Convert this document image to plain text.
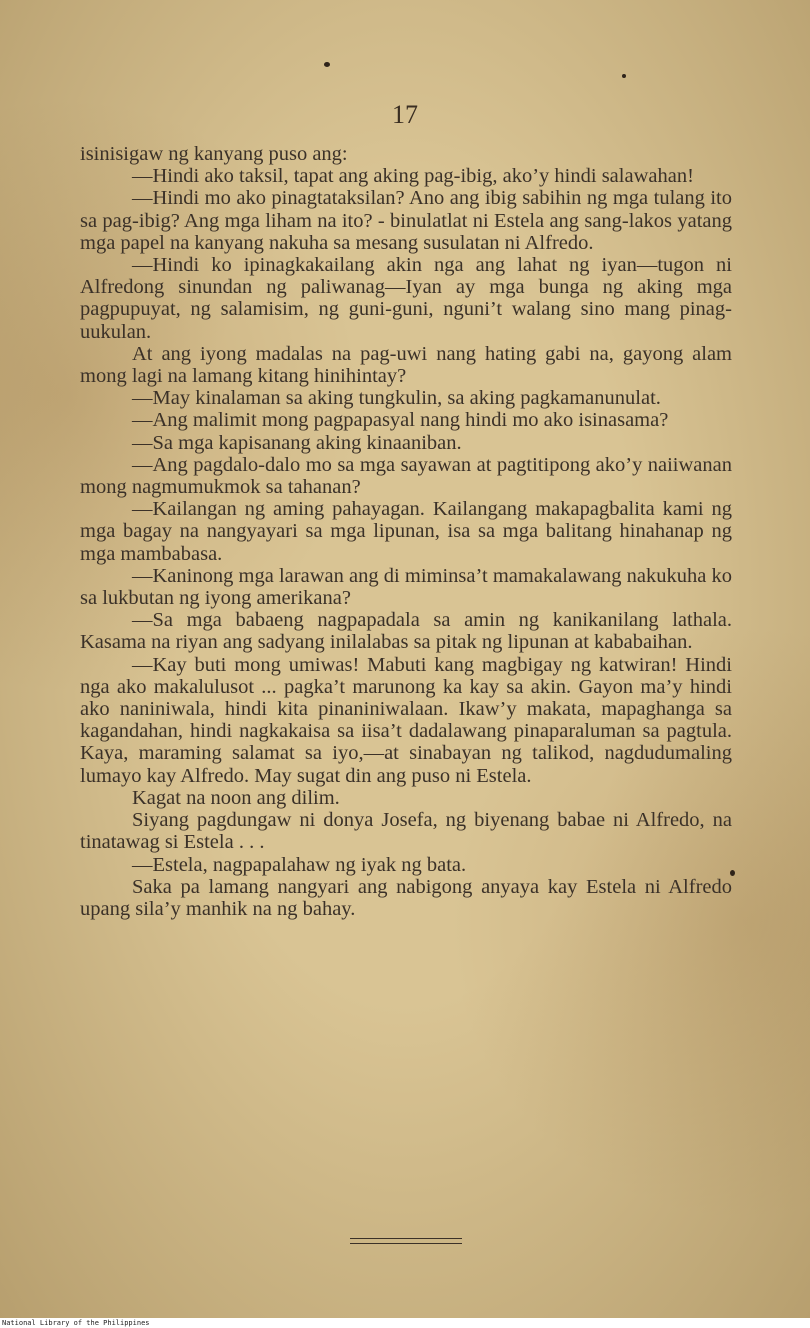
17

isinisigaw ng kanyang puso ang:

—Hindi ako taksil, tapat ang aking pag-ibig, ako’y hindi salawahan!

—Hindi mo ako pinagtataksilan? Ano ang ibig sabihin ng mga tulang ito sa pag-ibig? Ang mga liham na ito? - binulatlat ni Estela ang sang-lakos yatang mga papel na kanyang nakuha sa mesang susulatan ni Alfredo.

—Hindi ko ipinagkakailang akin nga ang lahat ng iyan—tugon ni Alfredong sinundan ng paliwanag—Iyan ay mga bunga ng aking mga pagpupuyat, ng salamisim, ng guni-guni, nguni’t walang sino mang pinag-uukulan.

At ang iyong madalas na pag-uwi nang hating gabi na, gayong alam mong lagi na lamang kitang hinihintay?

—May kinalaman sa aking tungkulin, sa aking pagkamanunulat.

—Ang malimit mong pagpapasyal nang hindi mo ako isinasama?

—Sa mga kapisanang aking kinaaniban.

—Ang pagdalo-dalo mo sa mga sayawan at pagtitipong ako’y naiiwanan mong nagmumukmok sa tahanan?

—Kailangan ng aming pahayagan. Kailangang makapagbalita kami ng mga bagay na nangyayari sa mga lipunan, isa sa mga balitang hinahanap ng mga mambabasa.

—Kaninong mga larawan ang di miminsa’t mamakalawang nakukuha ko sa lukbutan ng iyong amerikana?

—Sa mga babaeng nagpapadala sa amin ng kanikanilang lathala. Kasama na riyan ang sadyang inilalabas sa pitak ng lipunan at kababaihan.

—Kay buti mong umiwas! Mabuti kang magbigay ng katwiran! Hindi nga ako makalulusot ... pagka’t marunong ka kay sa akin. Gayon ma’y hindi ako naniniwala, hindi kita pinaniniwalaan. Ikaw’y makata, mapaghanga sa kagandahan, hindi nagkakaisa sa iisa’t dadalawang pinaparaluman sa pagtula. Kaya, maraming salamat sa iyo,—at sinabayan ng talikod, nagdudumaling lumayo kay Alfredo. May sugat din ang puso ni Estela.

Kagat na noon ang dilim.

Siyang pagdungaw ni donya Josefa, ng biyenang babae ni Alfredo, na tinatawag si Estela . . .

—Estela, nagpapalahaw ng iyak ng bata.

Saka pa lamang nangyari ang nabigong anyaya kay Estela ni Alfredo upang sila’y manhik na ng bahay.

National Library of the Philippines
